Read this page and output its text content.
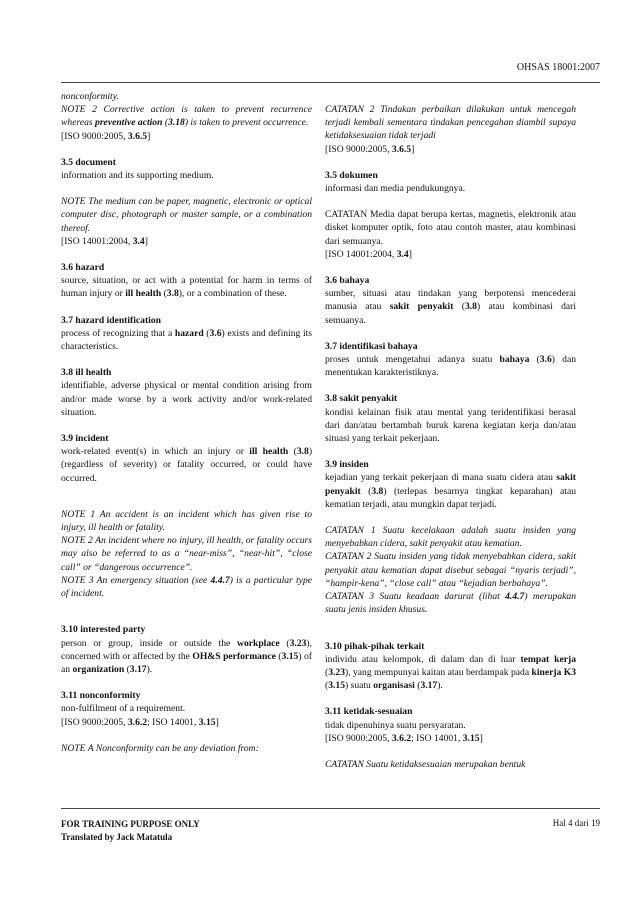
OHSAS 18001:2007

nonconformity.

NOTE 2 Corrective action is taken to prevent recurrence whereas preventive action (3.18) is taken to prevent occurrence.

[ISO 9000:2005, 3.6.5]

3.5 document

information and its supporting medium.

NOTE The medium can be paper, magnetic, electronic or optical computer disc, photograph or master sample, or a combination thereof.

[ISO 14001:2004, 3.4]

3.6 hazard

source, situation, or act with a potential for harm in terms of human injury or ill health (3.8), or a combination of these.

3.7 hazard identification

process of recognizing that a hazard (3.6) exists and defining its characteristics.

3.8 ill health

identifiable, adverse physical or mental condition arising from and/or made worse by a work activity and/or work-related situation.

3.9 incident

work-related event(s) in which an injury or ill health (3.8) (regardless of severity) or fatality occurred, or could have occurred.

NOTE 1 An accident is an incident which has given rise to injury, ill health or fatality.

NOTE 2 An incident where no injury, ill health, or fatality occurs may also be referred to as a “near-miss”, “near-hit”, “close call” or “dangerous occurrence”.

NOTE 3 An emergency situation (see 4.4.7) is a particular type of incident.

3.10 interested party

person or group, inside or outside the workplace (3.23), concerned with or affected by the OH&S performance (3.15) of an organization (3.17).

3.11 nonconformity

non-fulfilment of a requirement.

[ISO 9000:2005, 3.6.2; ISO 14001, 3.15]

NOTE A Nonconformity can be any deviation from:

CATATAN 2 Tindakan perbaikan dilakukan untuk mencegah terjadi kembali sementara tindakan pencegahan diambil supaya ketidaksesuaian tidak terjadi

[ISO 9000:2005, 3.6.5]

3.5 dokumen

informasi dan media pendukungnya.

CATATAN Media dapat berupa kertas, magnetis, elektronik atau disket komputer optik, foto atau contoh master, atau kombinasi dari semuanya.

[ISO 14001:2004, 3.4]

3.6 bahaya

sumber, situasi atau tindakan yang berpotensi mencederai manusia atau sakit penyakit (3.8) atau kombinasi dari semuanya.

3.7 identifikasi bahaya

proses untuk mengetahui adanya suatu bahaya (3.6) dan menentukan karakteristiknya.

3.8 sakit penyakit

kondisi kelainan fisik atau mental yang teridentifikasi berasal dari dan/atau bertambah buruk karena kegiatan kerja dan/atau situasi yang terkait pekerjaan.

3.9 insiden

kejadian yang terkait pekerjaan di mana suatu cidera atau sakit penyakit (3.8) (terlepas besarnya tingkat keparahan) atau kematian terjadi, atau mungkin dapat terjadi.

CATATAN 1 Suatu kecelakaan adalah suatu insiden yang menyebabkan cidera, sakit penyakit atau kematian.

CATATAN 2 Suatu insiden yang tidak menyebabkan cidera, sakit penyakit atau kematian dapat disebut sebagai “nyaris terjadi”, “hampir-kena”, “close call” atau “kejadian berbahaya”.

CATATAN 3 Suatu keadaan darurat (lihat 4.4.7) merupakan suatu jenis insiden khusus.

3.10 pihak-pihak terkait

individu atau kelompok, di dalam dan di luar tempat kerja (3.23), yang mempunyai kaitan atau berdampak pada kinerja K3 (3.15) suatu organisasi (3.17).

3.11 ketidak-sesuaian

tidak dipenuhinya suatu persyaratan.

[ISO 9000:2005, 3.6.2; ISO 14001, 3.15]

CATATAN Suatu ketidaksesuaian merupakan bentuk

FOR TRAINING PURPOSE ONLY
Translated by Jack Matatula
Hal 4 dari 19
